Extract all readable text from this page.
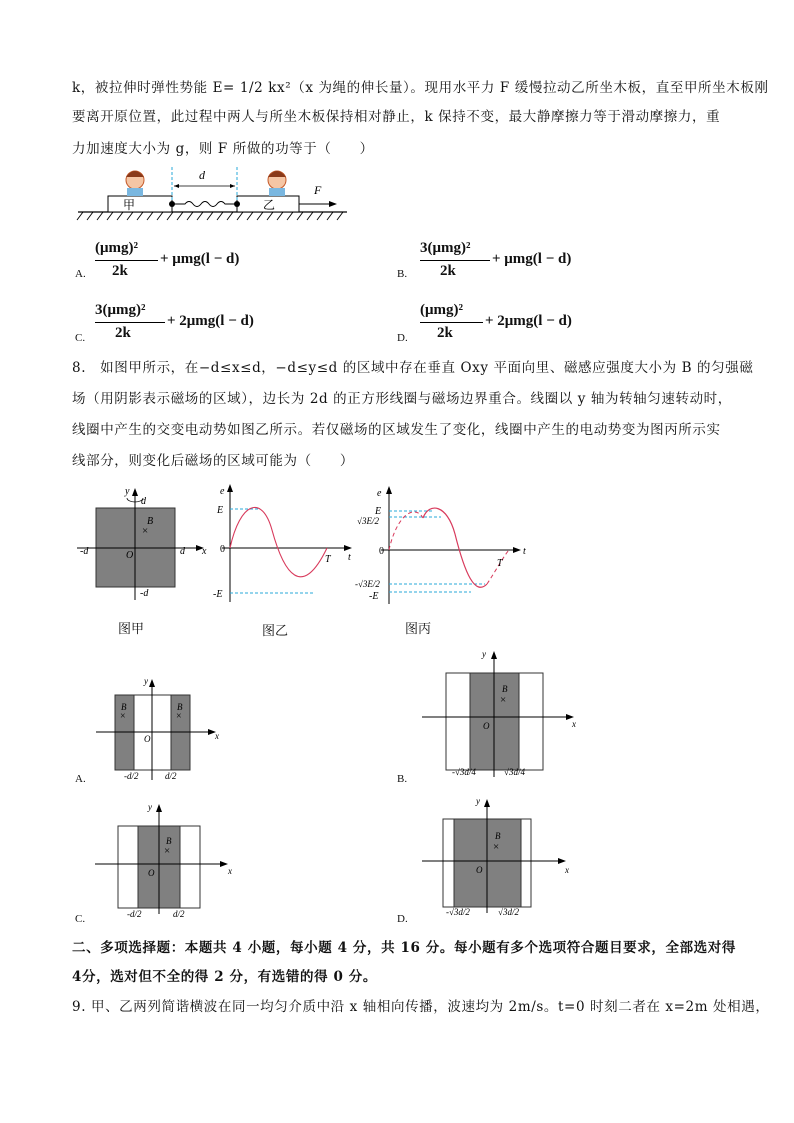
k，被拉伸时弹性势能 E= 1/2 kx²（x 为绳的伸长量）。现用水平力 F 缓慢拉动乙所坐木板，直至甲所坐木板刚
要离开原位置，此过程中两人与所坐木板保持相对静止，k 保持不变，最大静摩擦力等于滑动摩擦力，重
力加速度大小为 g，则 F 所做的功等于（　　）
甲	乙
d
F
A.
(μmg)²
2k
+ μmg(l − d)
B.
3(μmg)²
2k
+ μmg(l − d)
C.
3(μmg)²
2k
+ 2μmg(l − d)
D.
(μmg)²
2k
+ 2μmg(l − d)
8.　如图甲所示，在−d≤x≤d，−d≤y≤d 的区域中存在垂直 Oxy 平面向里、磁感应强度大小为 B 的匀强磁
场（用阴影表示磁场的区域），边长为 2d 的正方形线圈与磁场边界重合。线圈以 y 轴为转轴匀速转动时，
线圈中产生的交变电动势如图乙所示。若仅磁场的区域发生了变化，线圈中产生的电动势变为图丙所示实
线部分，则变化后磁场的区域可能为（　　）
y
x
d
d
-d
-d
B
×
O
图甲
e
E
-E
0
t
T
图乙
e
E
√3E/2
0
-√3E/2
-E
t
T
图丙
y
x
B
×
B
×
O
-d/2	d/2
A.
y
x
B
×
O
-√3d/4	√3d/4
B.
y
x
B
×
O
-d/2	d/2
C.
y
x
B
×
O
-√3d/2	√3d/2
D.
二、多项选择题：本题共 4 小题，每小题 4 分，共 16 分。每小题有多个选项符合题目要求，全部选对得
4分，选对但不全的得 2 分，有选错的得 0 分。
9. 甲、乙两列简谐横波在同一均匀介质中沿 x 轴相向传播，波速均为 2m/s。t=0 时刻二者在 x=2m 处相遇，
